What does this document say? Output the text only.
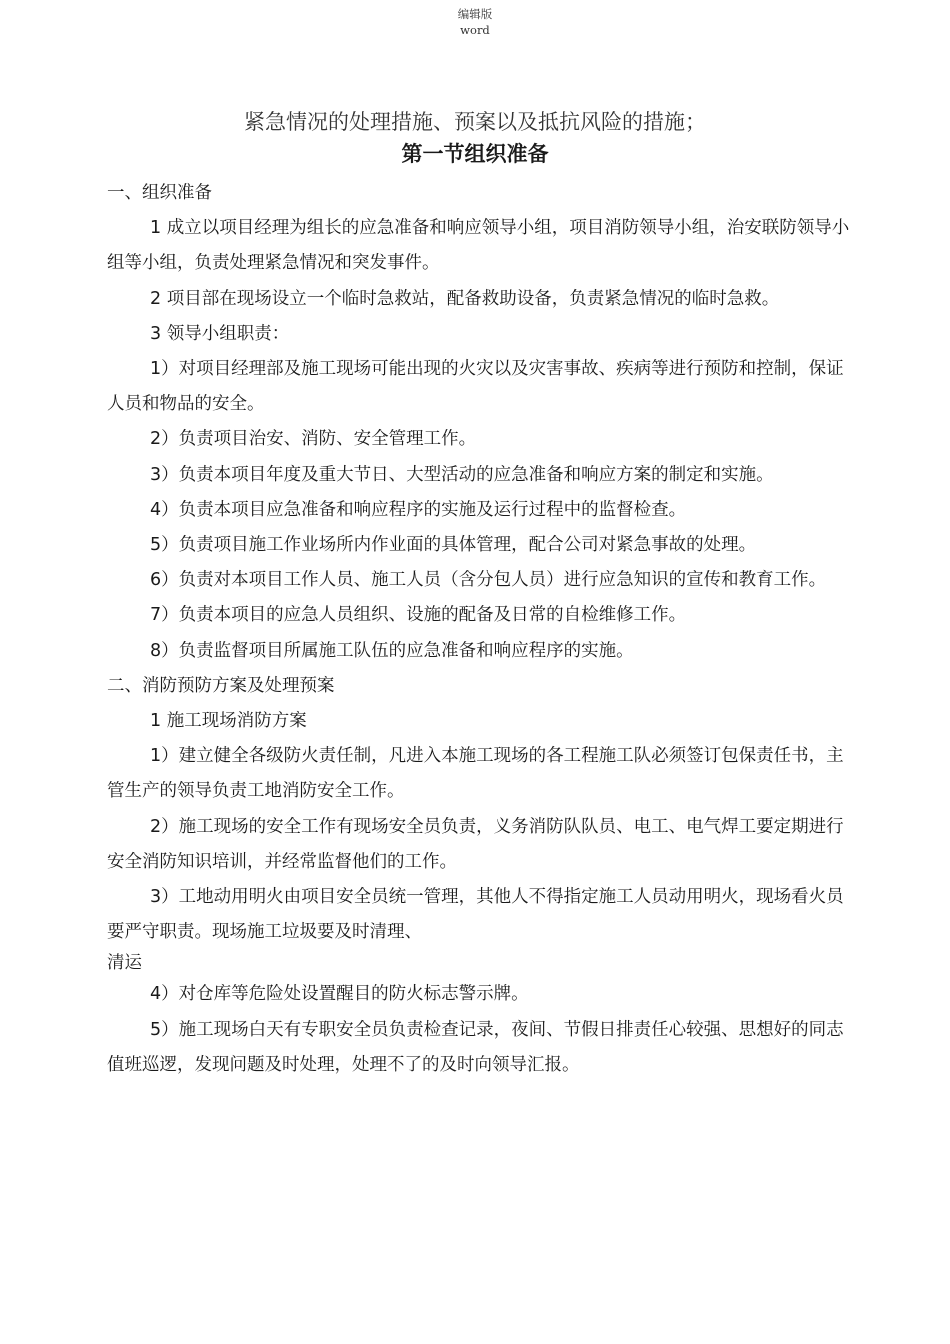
编辑版
word
紧急情况的处理措施、预案以及抵抗风险的措施；
第一节组织准备

一、组织准备

1 成立以项目经理为组长的应急准备和响应领导小组，项目消防领导小组，治安联防领导小组等小组，负责处理紧急情况和突发事件。

2 项目部在现场设立一个临时急救站，配备救助设备，负责紧急情况的临时急救。

3 领导小组职责：

1）对项目经理部及施工现场可能出现的火灾以及灾害事故、疾病等进行预防和控制，保证人员和物品的安全。

2）负责项目治安、消防、安全管理工作。

3）负责本项目年度及重大节日、大型活动的应急准备和响应方案的制定和实施。

4）负责本项目应急准备和响应程序的实施及运行过程中的监督检查。

5）负责项目施工作业场所内作业面的具体管理，配合公司对紧急事故的处理。

6）负责对本项目工作人员、施工人员（含分包人员）进行应急知识的宣传和教育工作。

7）负责本项目的应急人员组织、设施的配备及日常的自检维修工作。

8）负责监督项目所属施工队伍的应急准备和响应程序的实施。

二、消防预防方案及处理预案

1 施工现场消防方案

1）建立健全各级防火责任制，凡进入本施工现场的各工程施工队必须签订包保责任书，主管生产的领导负责工地消防安全工作。

2）施工现场的安全工作有现场安全员负责，义务消防队队员、电工、电气焊工要定期进行安全消防知识培训，并经常监督他们的工作。

3）工地动用明火由项目安全员统一管理，其他人不得指定施工人员动用明火，现场看火员要严守职责。现场施工垃圾要及时清理、

清运

4）对仓库等危险处设置醒目的防火标志警示牌。

5）施工现场白天有专职安全员负责检查记录，夜间、节假日排责任心较强、思想好的同志值班巡逻，发现问题及时处理，处理不了的及时向领导汇报。
